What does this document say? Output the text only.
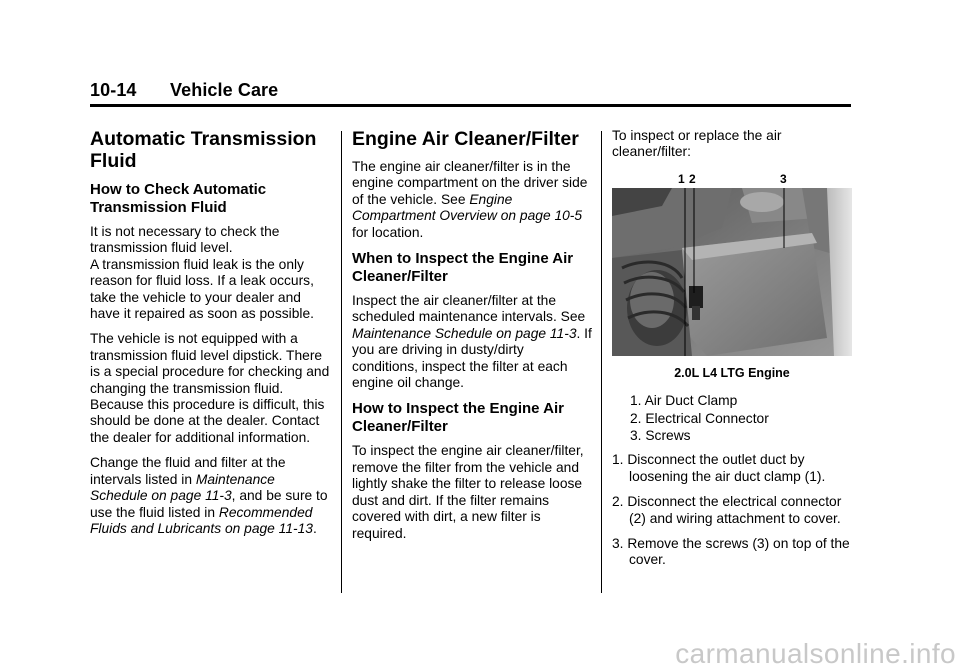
10-14 Vehicle Care
Automatic Transmission Fluid
How to Check Automatic Transmission Fluid

It is not necessary to check the transmission fluid level.
A transmission fluid leak is the only reason for fluid loss. If a leak occurs, take the vehicle to your dealer and have it repaired as soon as possible.

The vehicle is not equipped with a transmission fluid level dipstick. There is a special procedure for checking and changing the transmission fluid. Because this procedure is difficult, this should be done at the dealer. Contact the dealer for additional information.

Change the fluid and filter at the intervals listed in Maintenance Schedule on page 11-3, and be sure to use the fluid listed in Recommended Fluids and Lubricants on page 11-13.

Engine Air Cleaner/Filter

The engine air cleaner/filter is in the engine compartment on the driver side of the vehicle. See Engine Compartment Overview on page 10-5 for location.

When to Inspect the Engine Air Cleaner/Filter

Inspect the air cleaner/filter at the scheduled maintenance intervals. See Maintenance Schedule on page 11-3. If you are driving in dusty/dirty conditions, inspect the filter at each engine oil change.

How to Inspect the Engine Air Cleaner/Filter

To inspect the engine air cleaner/filter, remove the filter from the vehicle and lightly shake the filter to release loose dust and dirt. If the filter remains covered with dirt, a new filter is required.

To inspect or replace the air cleaner/filter:

1 2	3
2.0L L4 LTG Engine
1. Air Duct Clamp
2. Electrical Connector
3. Screws
1. Disconnect the outlet duct by loosening the air duct clamp (1).
2. Disconnect the electrical connector (2) and wiring attachment to cover.
3. Remove the screws (3) on top of the cover.
carmanualsonline.info
